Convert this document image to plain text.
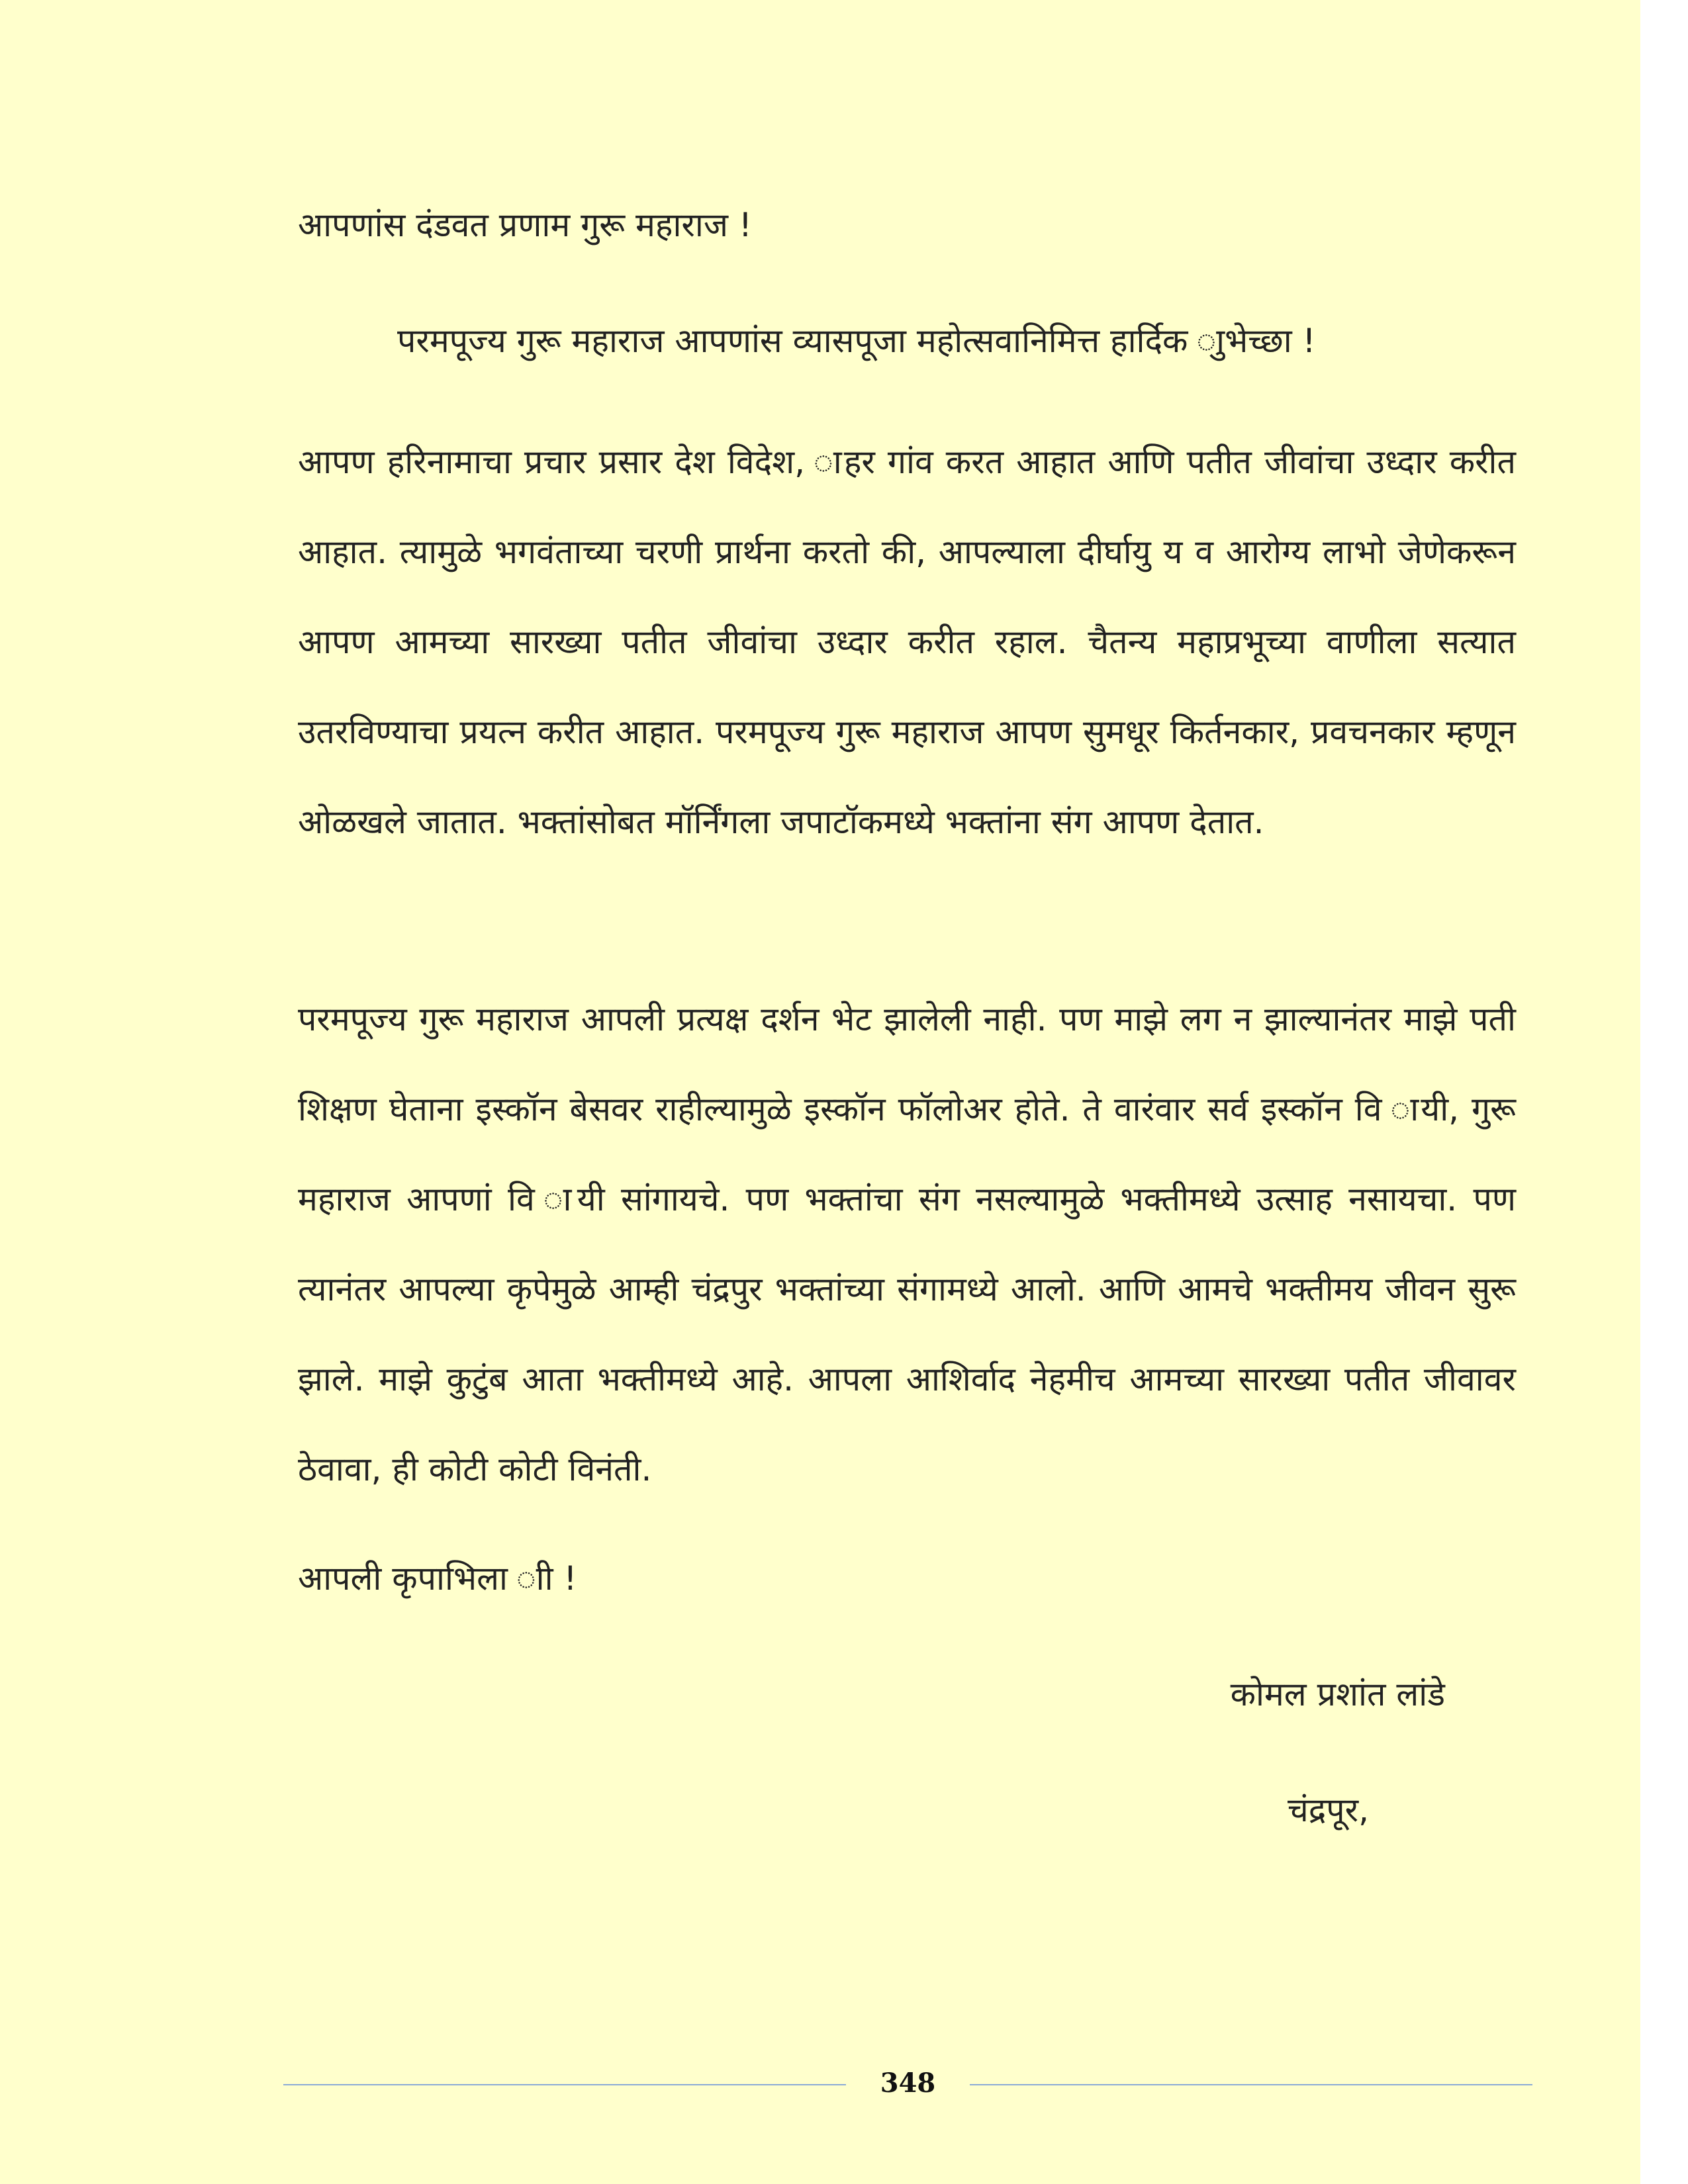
आपणांस दंडवत प्रणाम गुरू महाराज !
परमपूज्य गुरू महाराज आपणांस व्यासपूजा महोत्सवानिमित्त हार्दिक ाुभेच्छा !
आपण हरिनामाचा प्रचार प्रसार देश विदेश, ाहर गांव करत आहात आणि पतीत जीवांचा उध्दार करीत आहात. त्यामुळे भगवंताच्या चरणी प्रार्थना करतो की, आपल्याला दीर्घायु य व आरोग्य लाभो जेणेकरून आपण आमच्या सारख्या पतीत जीवांचा उध्दार करीत रहाल. चैतन्य महाप्रभूच्या वाणीला सत्यात उतरविण्याचा प्रयत्न करीत आहात. परमपूज्य गुरू महाराज आपण सुमधूर किर्तनकार, प्रवचनकार म्हणून ओळखले जातात. भक्तांसोबत मॉर्निंगला जपाटॉकमध्ये भक्तांना संग आपण देतात.
परमपूज्य गुरू महाराज आपली प्रत्यक्ष दर्शन भेट झालेली नाही. पण माझे लग न झाल्यानंतर माझे पती शिक्षण घेताना इस्कॉन बेसवर राहील्यामुळे इस्कॉन फॉलोअर होते. ते वारंवार सर्व इस्कॉन वि ायी, गुरू महाराज आपणां वि ायी सांगायचे. पण भक्तांचा संग नसल्यामुळे भक्तीमध्ये उत्साह नसायचा. पण त्यानंतर आपल्या कृपेमुळे आम्ही चंद्रपुर भक्तांच्या संगामध्ये आलो. आणि आमचे भक्तीमय जीवन सुरू झाले. माझे कुटुंब आता भक्तीमध्ये आहे. आपला आशिर्वाद नेहमीच आमच्या सारख्या पतीत जीवावर ठेवावा, ही कोटी कोटी विनंती.
आपली कृपाभिला ाी !
कोमल प्रशांत लांडे
चंद्रपूर,
348
